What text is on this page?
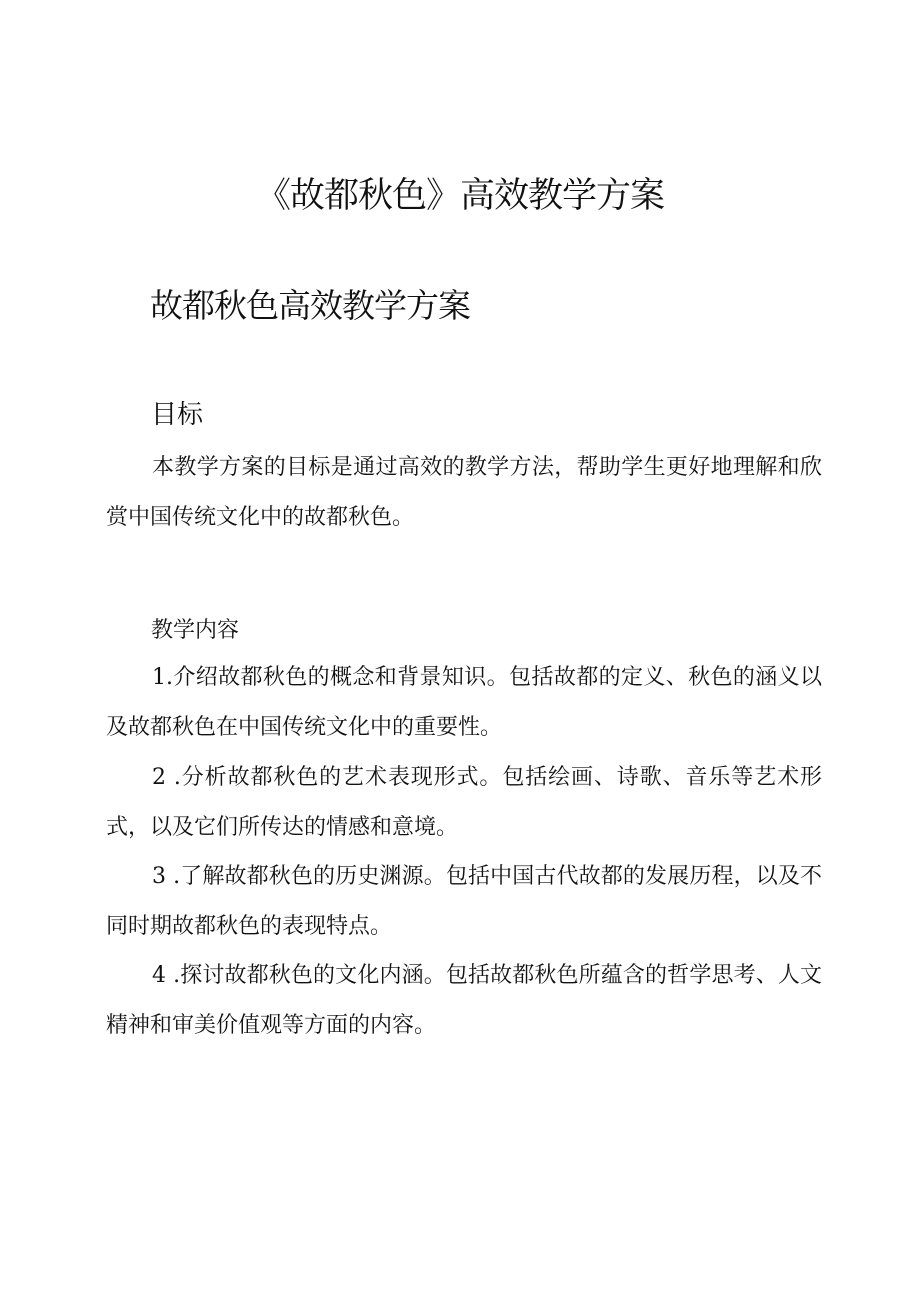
《故都秋色》高效教学方案
故都秋色高效教学方案
目标

本教学方案的目标是通过高效的教学方法，帮助学生更好地理解和欣赏中国传统文化中的故都秋色。

教学内容

1.介绍故都秋色的概念和背景知识。包括故都的定义、秋色的涵义以及故都秋色在中国传统文化中的重要性。

2 .分析故都秋色的艺术表现形式。包括绘画、诗歌、音乐等艺术形式，以及它们所传达的情感和意境。

3 .了解故都秋色的历史渊源。包括中国古代故都的发展历程，以及不同时期故都秋色的表现特点。

4 .探讨故都秋色的文化内涵。包括故都秋色所蕴含的哲学思考、人文精神和审美价值观等方面的内容。
